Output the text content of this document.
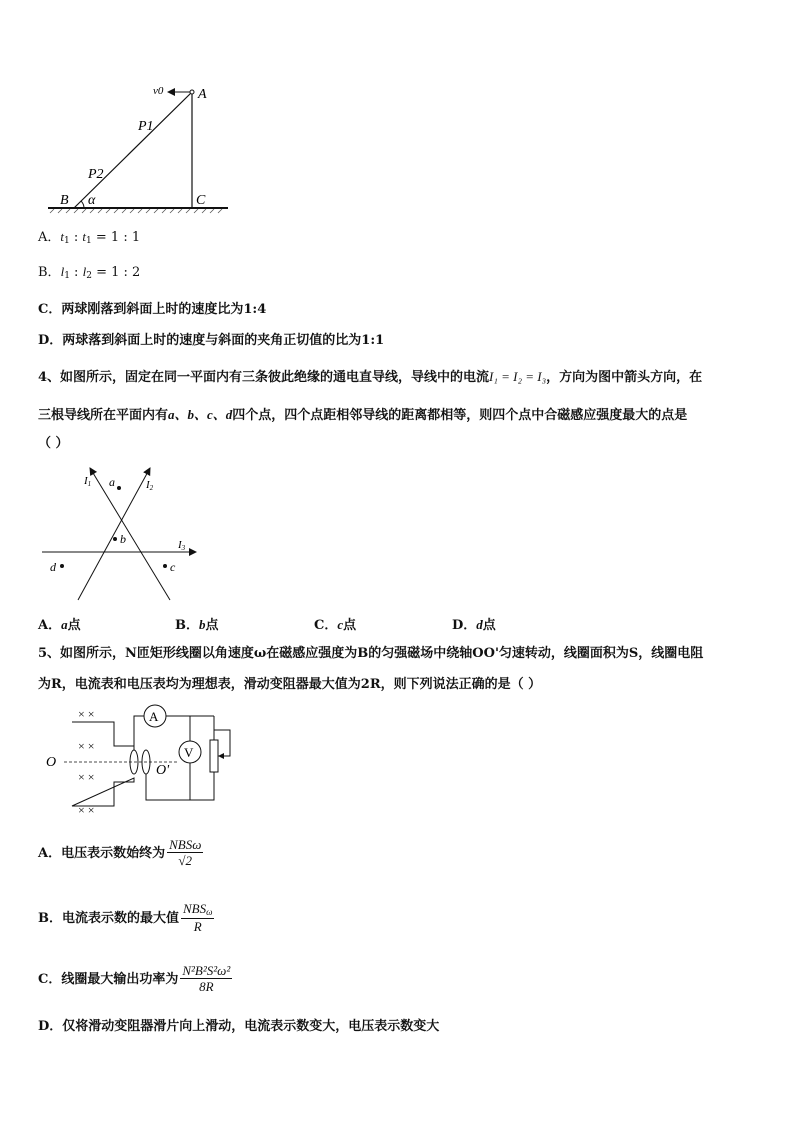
v0 A
P1
P2
B α	C
A．$t_1$ : $t_1 = 1$ : 1
B．$l_1$ : $l_2 = 1$ : 2
C．两球刚落到斜面上时的速度比为1:4
D．两球落到斜面上时的速度与斜面的夹角正切值的比为1:1
4、如图所示，固定在同一平面内有三条彼此绝缘的通电直导线，导线中的电流I₁ = I₂ = I₃，方向为图中箭头方向，在
三根导线所在平面内有a、b、c、d四个点，四个点距相邻导线的距离都相等，则四个点中合磁感应强度最大的点是
（ ）
I1	I2
I3
a
b
d	c
A．a点	B．b点	C．c点	D．d点
5、如图所示，N匝矩形线圈以角速度ω在磁感应强度为B的匀强磁场中绕轴OO'匀速转动，线圈面积为S，线圈电阻
为R，电流表和电压表均为理想表，滑动变阻器最大值为2R，则下列说法正确的是（ ）
× ×
× ×
× ×
× ×
O
O'
A
V
A．电压表示数始终为 $\frac{\text{NBSω}}{√2}$
B．电流表示数的最大值 $\frac{NBS_\omega}{R}$
C．线圈最大输出功率为 $\frac{\text{N²B²S²ω²}}{8R}$
D．仅将滑动变阻器滑片向上滑动，电流表示数变大，电压表示数变大
